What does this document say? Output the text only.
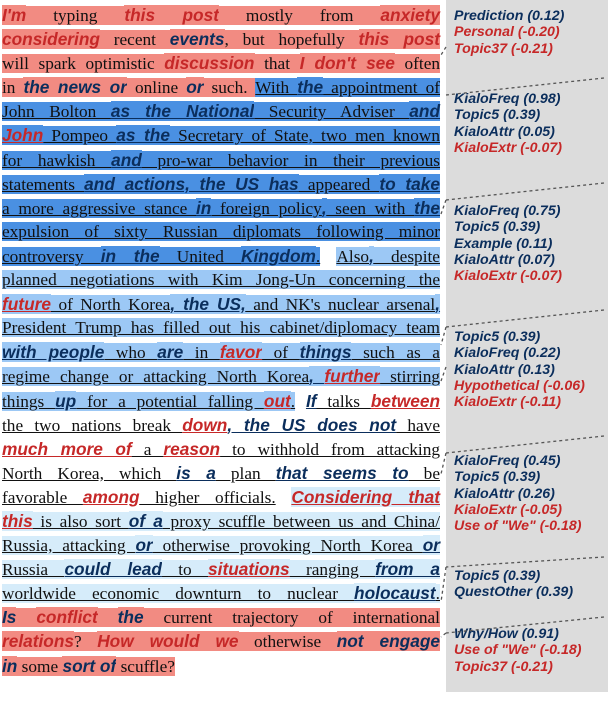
I'm typing this post mostly from anxiety
considering recent events, but hopefully this post
will spark optimistic discussion that I don't see often
in the news or online or such. With the appointment of
John Bolton as the National Security Adviser and
John Pompeo as the Secretary of State, two men known
for hawkish and pro-war behavior in their previous
statements and actions, the US has appeared to take
a more aggressive stance in foreign policy, seen with the
expulsion of sixty Russian diplomats following minor
controversy in the United Kingdom. Also, despite
planned negotiations with Kim Jong-Un concerning the
future of North Korea, the US, and NK's nuclear arsenal,
President Trump has filled out his cabinet/diplomacy team
with people who are in favor of things such as a
regime change or attacking North Korea, further stirring
things up for a potential falling out. If talks between
the two nations break down, the US does not have
much more of a reason to withhold from attacking
North Korea, which is a plan that seems to be
favorable among higher officials. Considering that
this is also sort of a proxy scuffle between us and China/
Russia, attacking or otherwise provoking North Korea or
Russia could lead to situations ranging from a
worldwide economic downturn to nuclear holocaust.
Is conflict the current trajectory of international
relations? How would we otherwise not engage
in some sort of scuffle?
Prediction (0.12)
Personal (-0.20)
Topic37 (-0.21)
KialoFreq (0.98)
Topic5 (0.39)
KialoAttr (0.05)
KialoExtr (-0.07)
KialoFreq (0.75)
Topic5 (0.39)
Example (0.11)
KialoAttr (0.07)
KialoExtr (-0.07)
Topic5 (0.39)
KialoFreq (0.22)
KialoAttr (0.13)
Hypothetical (-0.06)
KialoExtr (-0.11)
KialoFreq (0.45)
Topic5 (0.39)
KialoAttr (0.26)
KialoExtr (-0.05)
Use of "We" (-0.18)
Topic5 (0.39)
QuestOther (0.39)
Why/How (0.91)
Use of "We" (-0.18)
Topic37 (-0.21)
